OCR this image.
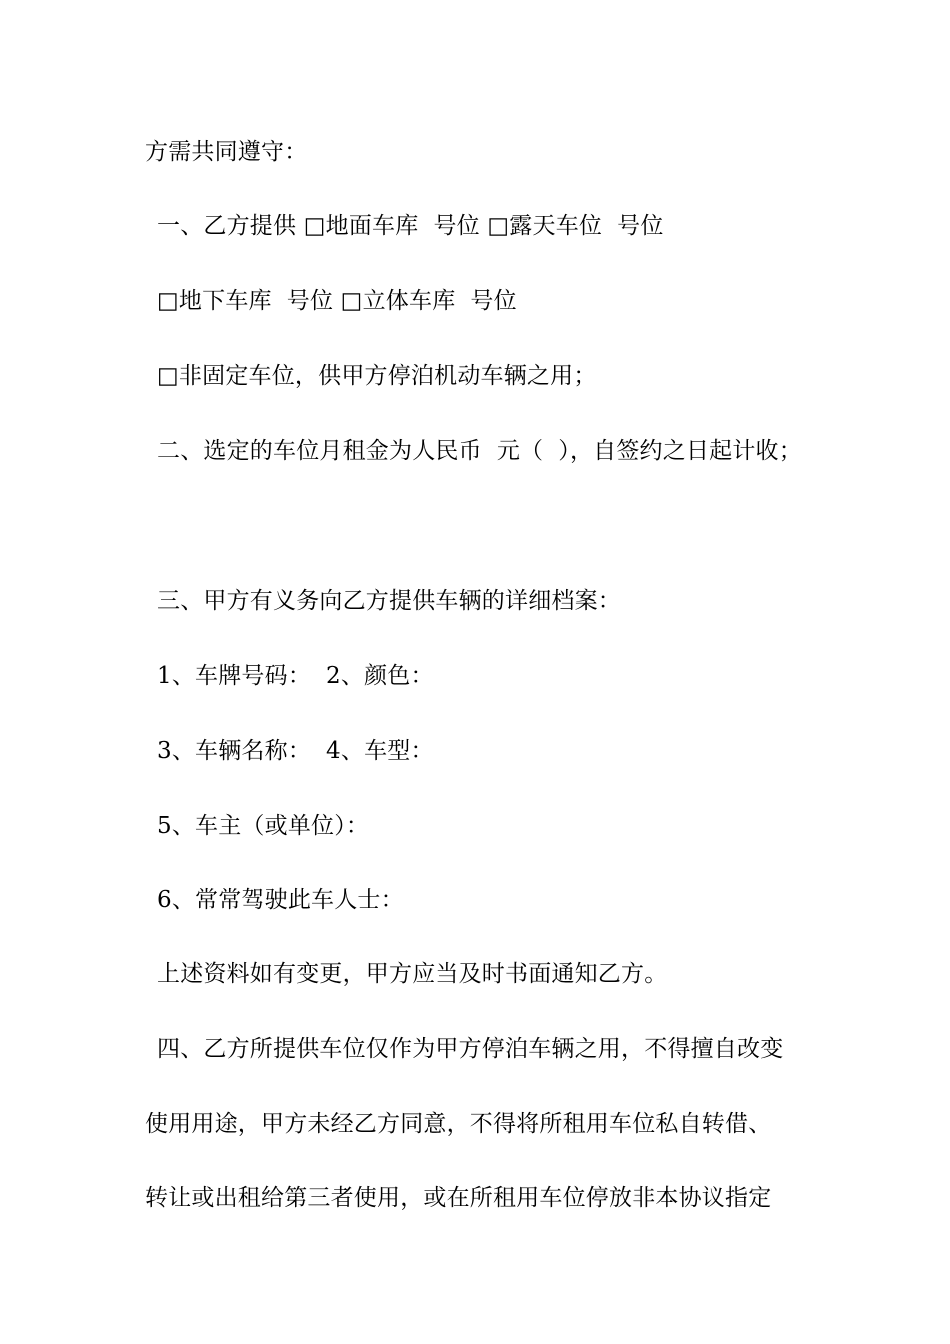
方需共同遵守：
一、乙方提供 □地面车库  号位 □露天车位  号位
□地下车库  号位 □立体车库  号位
□非固定车位，供甲方停泊机动车辆之用；
二、选定的车位月租金为人民币  元（  ），自签约之日起计收；
三、甲方有义务向乙方提供车辆的详细档案：
1、车牌号码：  2、颜色：
3、车辆名称：  4、车型：
5、车主（或单位）：
6、常常驾驶此车人士：
上述资料如有变更，甲方应当及时书面通知乙方。
四、乙方所提供车位仅作为甲方停泊车辆之用，不得擅自改变
使用用途，甲方未经乙方同意，不得将所租用车位私自转借、
转让或出租给第三者使用，或在所租用车位停放非本协议指定
